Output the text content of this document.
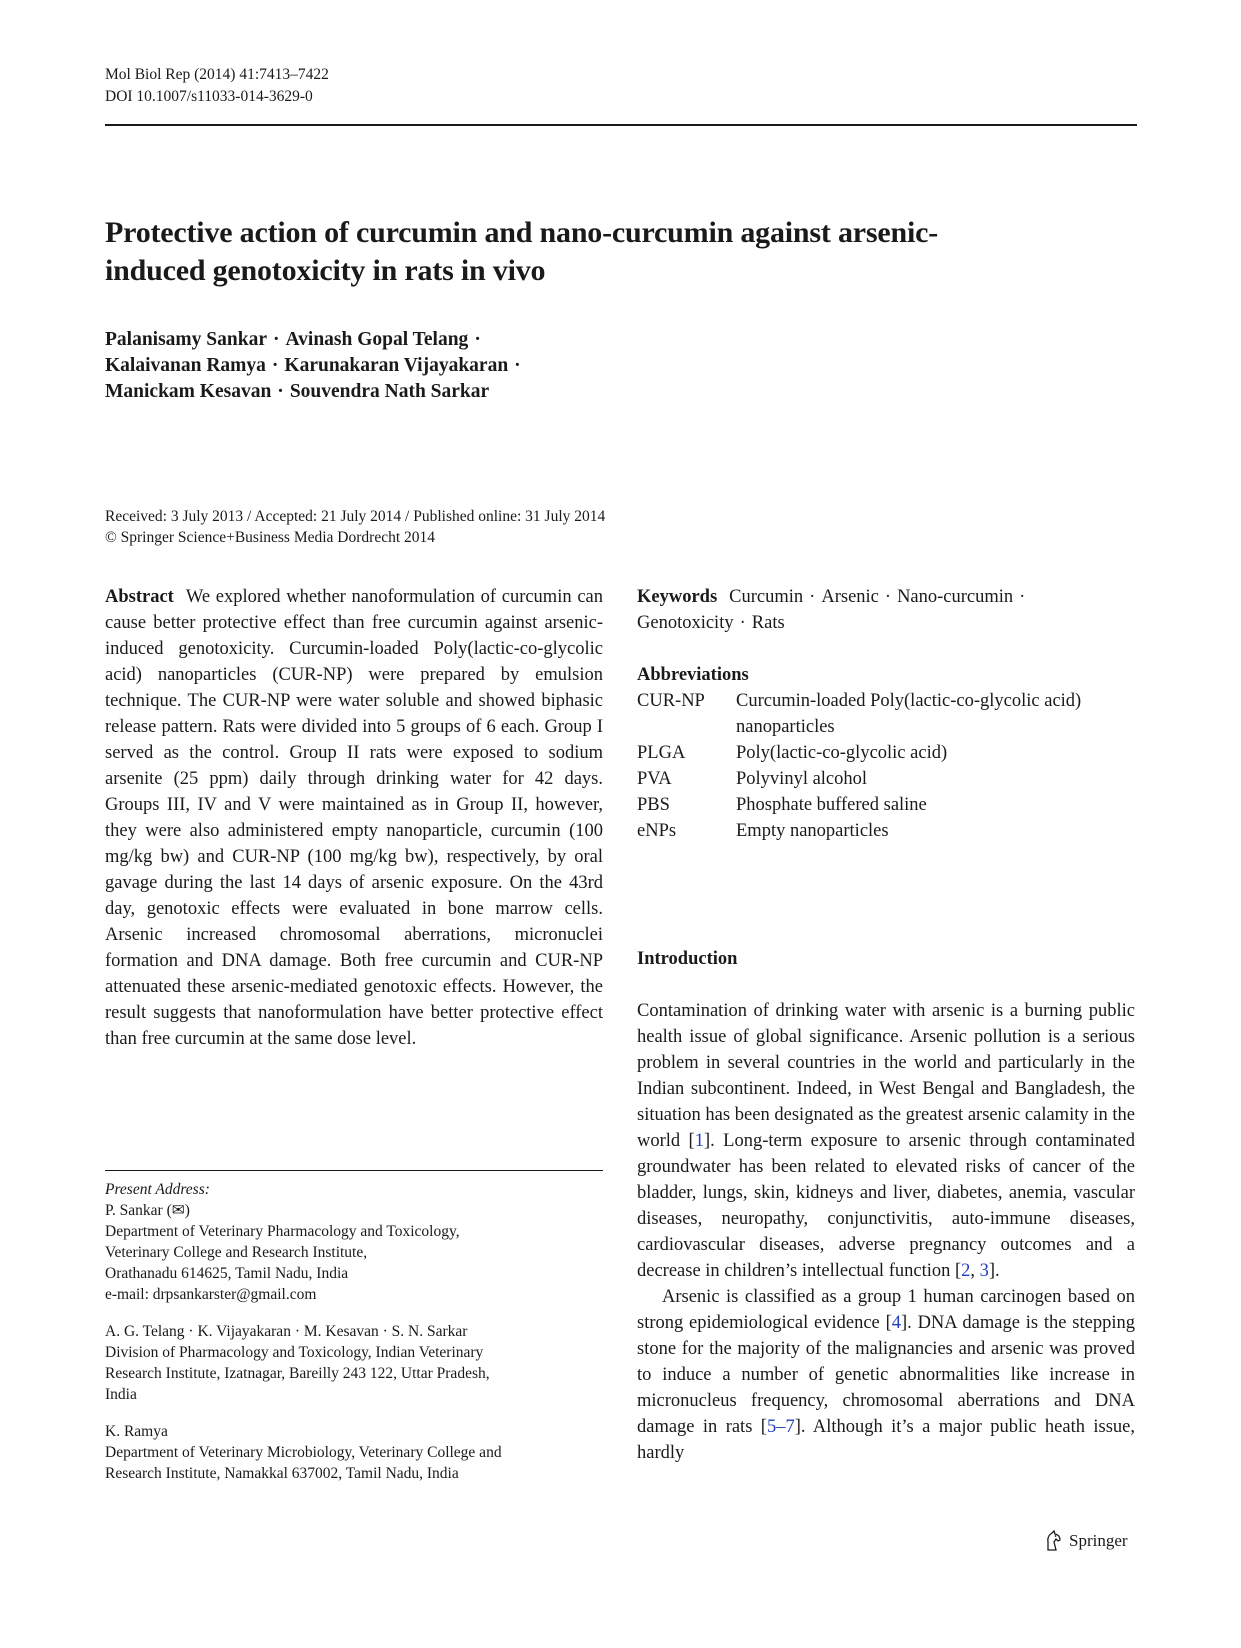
Mol Biol Rep (2014) 41:7413–7422
DOI 10.1007/s11033-014-3629-0
Protective action of curcumin and nano-curcumin against arsenic-
induced genotoxicity in rats in vivo
Palanisamy Sankar · Avinash Gopal Telang ·
Kalaivanan Ramya · Karunakaran Vijayakaran ·
Manickam Kesavan · Souvendra Nath Sarkar
Received: 3 July 2013 / Accepted: 21 July 2014 / Published online: 31 July 2014
© Springer Science+Business Media Dordrecht 2014

Abstract We explored whether nanoformulation of curcumin can cause better protective effect than free curcumin against arsenic-induced genotoxicity. Curcumin-loaded Poly(lactic-co-glycolic acid) nanoparticles (CUR-NP) were prepared by emulsion technique. The CUR-NP were water soluble and showed biphasic release pattern. Rats were divided into 5 groups of 6 each. Group I served as the control. Group II rats were exposed to sodium arsenite (25 ppm) daily through drinking water for 42 days. Groups III, IV and V were maintained as in Group II, however, they were also administered empty nanoparticle, curcumin (100 mg/kg bw) and CUR-NP (100 mg/kg bw), respectively, by oral gavage during the last 14 days of arsenic exposure. On the 43rd day, genotoxic effects were evaluated in bone marrow cells. Arsenic increased chromosomal aberrations, micronuclei formation and DNA damage. Both free curcumin and CUR-NP attenuated these arsenic-mediated genotoxic effects. However, the result suggests that nanoformulation have better protective effect than free curcumin at the same dose level.

Present Address:
P. Sankar (✉)
Department of Veterinary Pharmacology and Toxicology,
Veterinary College and Research Institute,
Orathanadu 614625, Tamil Nadu, India
e-mail: drpsankarster@gmail.com
A. G. Telang · K. Vijayakaran · M. Kesavan · S. N. Sarkar
Division of Pharmacology and Toxicology, Indian Veterinary
Research Institute, Izatnagar, Bareilly 243 122, Uttar Pradesh,
India
K. Ramya
Department of Veterinary Microbiology, Veterinary College and
Research Institute, Namakkal 637002, Tamil Nadu, India

Keywords Curcumin · Arsenic · Nano-curcumin ·
Genotoxicity · Rats

Abbreviations
CUR-NP	Curcumin-loaded Poly(lactic-co-glycolic acid) nanoparticles
PLGA	Poly(lactic-co-glycolic acid)
PVA	Polyvinyl alcohol
PBS	Phosphate buffered saline
eNPs	Empty nanoparticles
Introduction

Contamination of drinking water with arsenic is a burning public health issue of global significance. Arsenic pollution is a serious problem in several countries in the world and particularly in the Indian subcontinent. Indeed, in West Bengal and Bangladesh, the situation has been designated as the greatest arsenic calamity in the world [1]. Long-term exposure to arsenic through contaminated groundwater has been related to elevated risks of cancer of the bladder, lungs, skin, kidneys and liver, diabetes, anemia, vascular diseases, neuropathy, conjunctivitis, auto-immune diseases, cardiovascular diseases, adverse pregnancy outcomes and a decrease in children’s intellectual function [2, 3].

Arsenic is classified as a group 1 human carcinogen based on strong epidemiological evidence [4]. DNA damage is the stepping stone for the majority of the malignancies and arsenic was proved to induce a number of genetic abnormalities like increase in micronucleus frequency, chromosomal aberrations and DNA damage in rats [5–7]. Although it’s a major public heath issue, hardly

Springer
